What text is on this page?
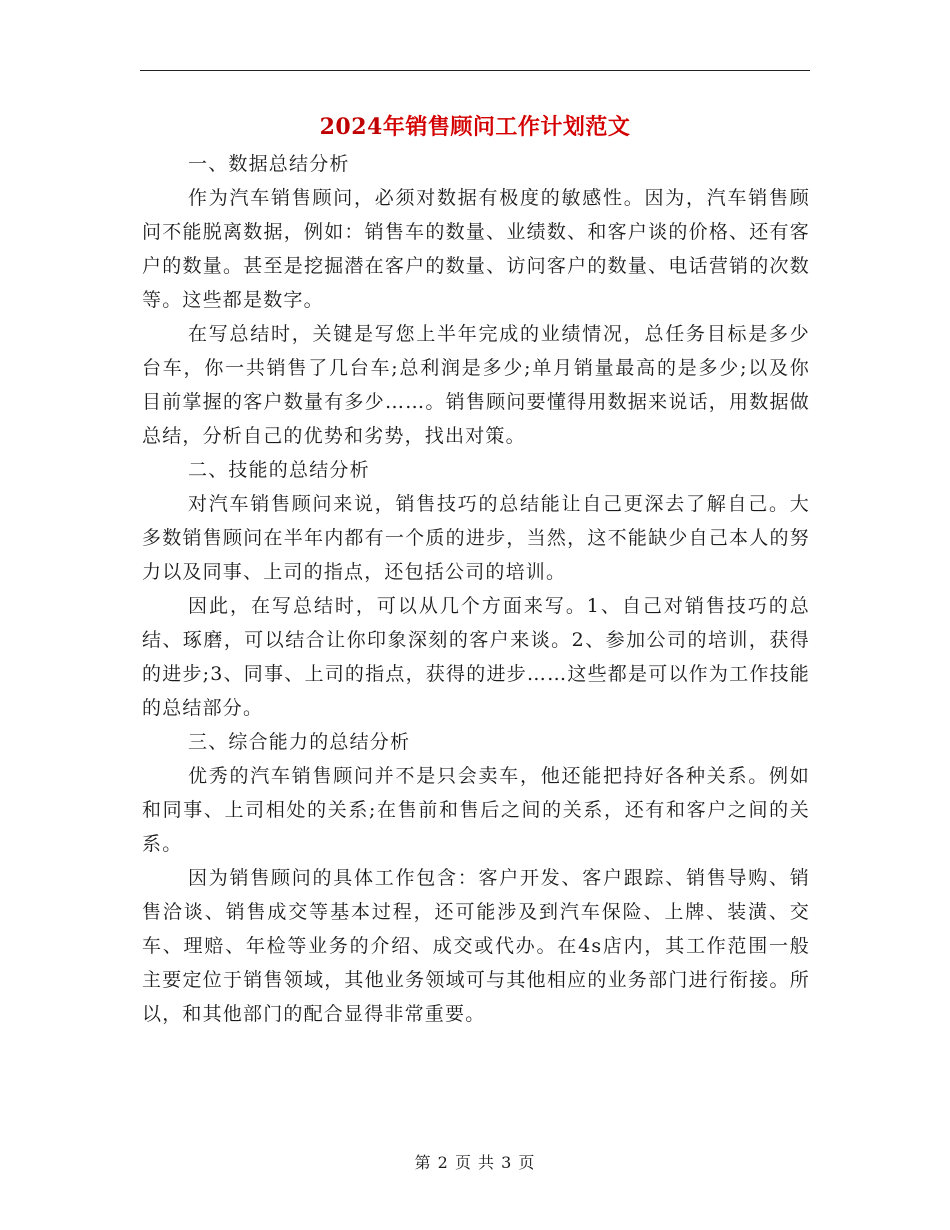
2024年销售顾问工作计划范文

一、数据总结分析

作为汽车销售顾问，必须对数据有极度的敏感性。因为，汽车销售顾问不能脱离数据，例如：销售车的数量、业绩数、和客户谈的价格、还有客户的数量。甚至是挖掘潜在客户的数量、访问客户的数量、电话营销的次数等。这些都是数字。

在写总结时，关键是写您上半年完成的业绩情况，总任务目标是多少台车，你一共销售了几台车;总利润是多少;单月销量最高的是多少;以及你目前掌握的客户数量有多少……。销售顾问要懂得用数据来说话，用数据做总结，分析自己的优势和劣势，找出对策。

二、技能的总结分析

对汽车销售顾问来说，销售技巧的总结能让自己更深去了解自己。大多数销售顾问在半年内都有一个质的进步，当然，这不能缺少自己本人的努力以及同事、上司的指点，还包括公司的培训。

因此，在写总结时，可以从几个方面来写。1、自己对销售技巧的总结、琢磨，可以结合让你印象深刻的客户来谈。2、参加公司的培训，获得的进步;3、同事、上司的指点，获得的进步……这些都是可以作为工作技能的总结部分。

三、综合能力的总结分析

优秀的汽车销售顾问并不是只会卖车，他还能把持好各种关系。例如和同事、上司相处的关系;在售前和售后之间的关系，还有和客户之间的关系。

因为销售顾问的具体工作包含：客户开发、客户跟踪、销售导购、销售洽谈、销售成交等基本过程，还可能涉及到汽车保险、上牌、装潢、交车、理赔、年检等业务的介绍、成交或代办。在4s店内，其工作范围一般主要定位于销售领域，其他业务领域可与其他相应的业务部门进行衔接。所以，和其他部门的配合显得非常重要。

第 2 页 共 3 页
